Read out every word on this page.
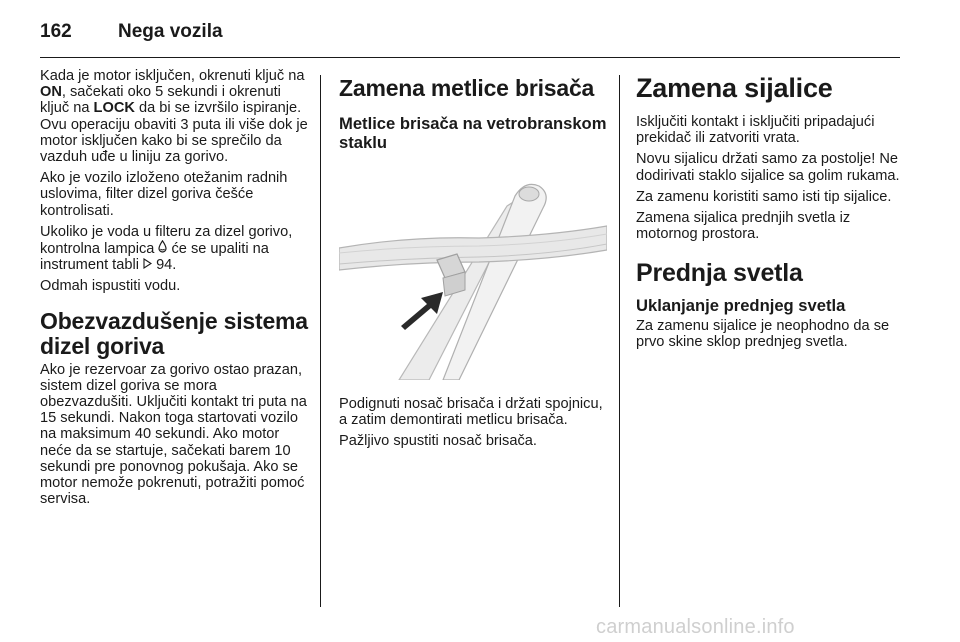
162	Nega vozila

Kada je motor isključen, okrenuti ključ na ON, sačekati oko 5 sekundi i okrenuti ključ na LOCK da bi se izvršilo ispiranje. Ovu operaciju obaviti 3 puta ili više dok je motor isključen kako bi se sprečilo da vazduh uđe u liniju za gorivo.

Ako je vozilo izloženo otežanim radnih uslovima, filter dizel goriva češće kontrolisati.

Ukoliko je voda u filteru za dizel gorivo, kontrolna lampica  će se upaliti na instrument tabli  94.

Odmah ispustiti vodu.

Obezvazdušenje sistema dizel goriva

Ako je rezervoar za gorivo ostao prazan, sistem dizel goriva se mora obezvazdušiti. Uključiti kontakt tri puta na 15 sekundi. Nakon toga startovati vozilo na maksimum 40 sekundi. Ako motor neće da se startuje, sačekati barem 10 sekundi pre ponovnog pokušaja. Ako se motor nemože pokrenuti, potražiti pomoć servisa.

Zamena metlice brisača
Metlice brisača na vetrobranskom staklu

Podignuti nosač brisača i držati spojnicu, a zatim demontirati metlicu brisača.

Pažljivo spustiti nosač brisača.

Zamena sijalice

Isključiti kontakt i isključiti pripadajući prekidač ili zatvoriti vrata.

Novu sijalicu držati samo za postolje! Ne dodirivati staklo sijalice sa golim rukama.

Za zamenu koristiti samo isti tip sijalice.

Zamena sijalica prednjih svetla iz motornog prostora.

Prednja svetla
Uklanjanje prednjeg svetla

Za zamenu sijalice je neophodno da se prvo skine sklop prednjeg svetla.

carmanualsonline.info
